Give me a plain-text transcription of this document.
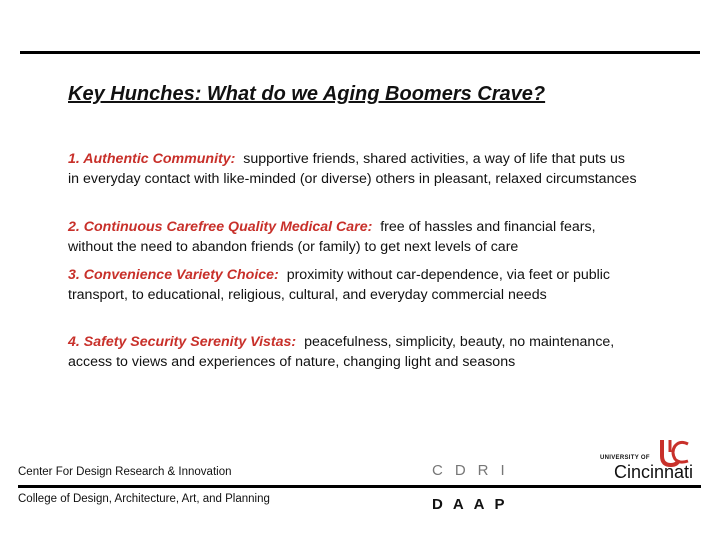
Key Hunches: What do we Aging Boomers Crave?
1. Authentic Community: supportive friends, shared activities, a way of life that puts us in everyday contact with like-minded (or diverse) others in pleasant, relaxed circumstances
2. Continuous Carefree Quality Medical Care: free of hassles and financial fears, without the need to abandon friends (or family) to get next levels of care
3. Convenience Variety Choice: proximity without car-dependence, via feet or public transport, to educational, religious, cultural, and everyday commercial needs
4. Safety Security Serenity Vistas: peacefulness, simplicity, beauty, no maintenance, access to views and experiences of nature, changing light and seasons
Center For Design Research & Innovation
College of Design, Architecture, Art, and Planning
CDRI
DAAP
UNIVERSITY OF
Cincinnati
